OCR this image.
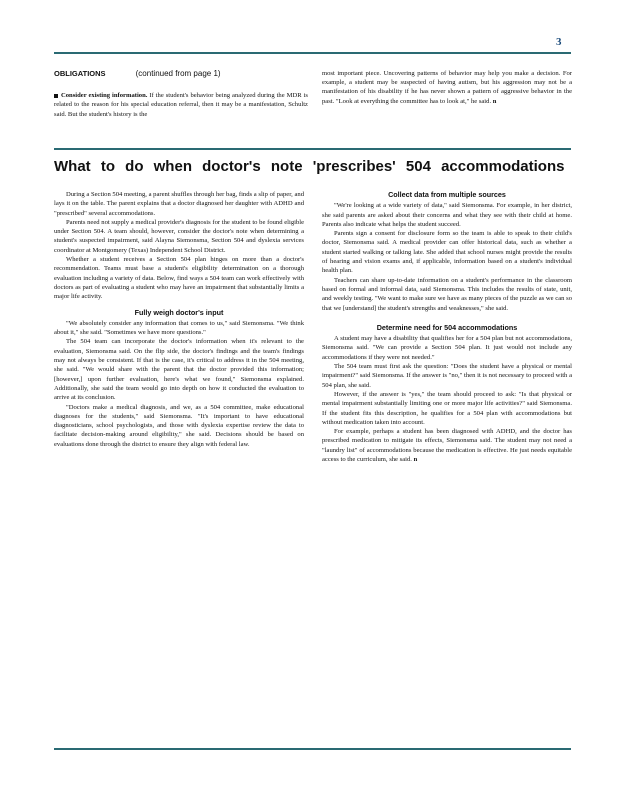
3
OBLIGATIONS	(continued from page 1)
Consider existing information. If the student's behavior being analyzed during the MDR is related to the reason for his special education referral, then it may be a manifestation, Schultz said. But the student's history is the
most important piece. Uncovering patterns of behavior may help you make a decision. For example, a student may be suspected of having autism, but his aggression may not be a manifestation of his disability if he has never shown a pattern of aggressive behavior in the past. "Look at everything the committee has to look at," he said. n
What to do when doctor's note 'prescribes' 504 accommodations

During a Section 504 meeting, a parent shuffles through her bag, finds a slip of paper, and lays it on the table. The parent explains that a doctor diagnosed her daughter with ADHD and "prescribed" several accommodations.

Parents need not supply a medical provider's diagnosis for the student to be found eligible under Section 504. A team should, however, consider the doctor's note when determining a student's suspected impairment, said Alayna Siemonsma, Section 504 and dyslexia services coordinator at Montgomery (Texas) Independent School District.

Whether a student receives a Section 504 plan hinges on more than a doctor's recommendation. Teams must base a student's eligibility determination on a thorough evaluation including a variety of data. Below, find ways a 504 team can work effectively with doctors as part of evaluating a student who may have an impairment that substantially limits a major life activity.

Fully weigh doctor's input

"We absolutely consider any information that comes to us," said Siemonsma. "We think about it," she said. "Sometimes we have more questions."

The 504 team can incorporate the doctor's information when it's relevant to the evaluation, Siemonsma said. On the flip side, the doctor's findings and the team's findings may not always be consistent. If that is the case, it's critical to address it in the 504 meeting, she said. "We would share with the parent that the doctor provided this information; [however,] upon further evaluation, here's what we found," Siemonsma explained. Additionally, she said the team would go into depth on how it conducted the evaluation to arrive at its conclusion.

"Doctors make a medical diagnosis, and we, as a 504 committee, make educational diagnoses for the students," said Siemonsma. "It's important to have educational diagnosticians, school psychologists, and those with dyslexia expertise review the data to facilitate decision-making around eligibility," she said. Decisions should be based on evaluations done through the district to ensure they align with federal law.

Collect data from multiple sources

"We're looking at a wide variety of data," said Siemonsma. For example, in her district, she said parents are asked about their concerns and what they see with their child at home. Parents also indicate what helps the student succeed.

Parents sign a consent for disclosure form so the team is able to speak to their child's doctor, Siemonsma said. A medical provider can offer historical data, such as whether a student started walking or talking late. She added that school nurses might provide the results of hearing and vision exams and, if applicable, information based on a student's individual health plan.

Teachers can share up-to-date information on a student's performance in the classroom based on formal and informal data, said Siemonsma. This includes the results of state, unit, and weekly testing. "We want to make sure we have as many pieces of the puzzle as we can so that we [understand] the student's strengths and weaknesses," she said.

Determine need for 504 accommodations

A student may have a disability that qualifies her for a 504 plan but not accommodations, Siemonsma said. "We can provide a Section 504 plan. It just would not include any accommodations if they were not needed."

The 504 team must first ask the question: "Does the student have a physical or mental impairment?" said Siemonsma. If the answer is "no," then it is not necessary to proceed with a 504 plan, she said.

However, if the answer is "yes," the team should proceed to ask: "Is that physical or mental impairment substantially limiting one or more major life activities?" said Siemonsma. If the student fits this description, he qualifies for a 504 plan with accommodations but without medication taken into account.

For example, perhaps a student has been diagnosed with ADHD, and the doctor has prescribed medication to mitigate its effects, Siemonsma said. The student may not need a "laundry list" of accommodations because the medication is effective. He just needs equitable access to the curriculum, she said. n
